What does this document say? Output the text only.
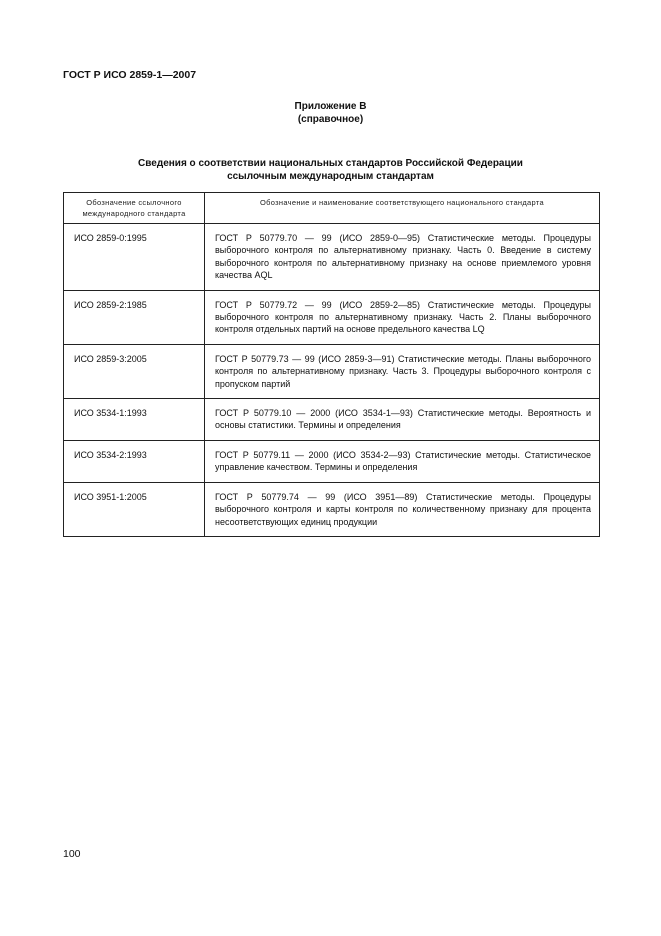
ГОСТ Р ИСО 2859-1—2007
Приложение В
(справочное)
Сведения о соответствии национальных стандартов Российской Федерации
ссылочным международным стандартам
Обозначение ссылочного международного стандарта	Обозначение и наименование соответствующего национального стандарта
ИСО 2859-0:1995	ГОСТ Р 50779.70 — 99 (ИСО 2859-0—95) Статистические методы. Процедуры выборочного контроля по альтернативному признаку. Часть 0. Введение в систему выборочного контроля по альтернативному признаку на основе приемлемого уровня качества AQL
ИСО 2859-2:1985	ГОСТ Р 50779.72 — 99 (ИСО 2859-2—85) Статистические методы. Процедуры выборочного контроля по альтернативному признаку. Часть 2. Планы выборочного контроля отдельных партий на основе предельного качества LQ
ИСО 2859-3:2005	ГОСТ Р 50779.73 — 99 (ИСО 2859-3—91) Статистические методы. Планы выборочного контроля по альтернативному признаку. Часть 3. Процедуры выборочного контроля с пропуском партий
ИСО 3534-1:1993	ГОСТ Р 50779.10 — 2000 (ИСО 3534-1—93) Статистические методы. Вероятность и основы статистики. Термины и определения
ИСО 3534-2:1993	ГОСТ Р 50779.11 — 2000 (ИСО 3534-2—93) Статистические методы. Статистическое управление качеством. Термины и определения
ИСО 3951-1:2005	ГОСТ Р 50779.74 — 99 (ИСО 3951—89) Статистические методы. Процедуры выборочного контроля и карты контроля по количественному признаку для процента несоответствующих единиц продукции
100
